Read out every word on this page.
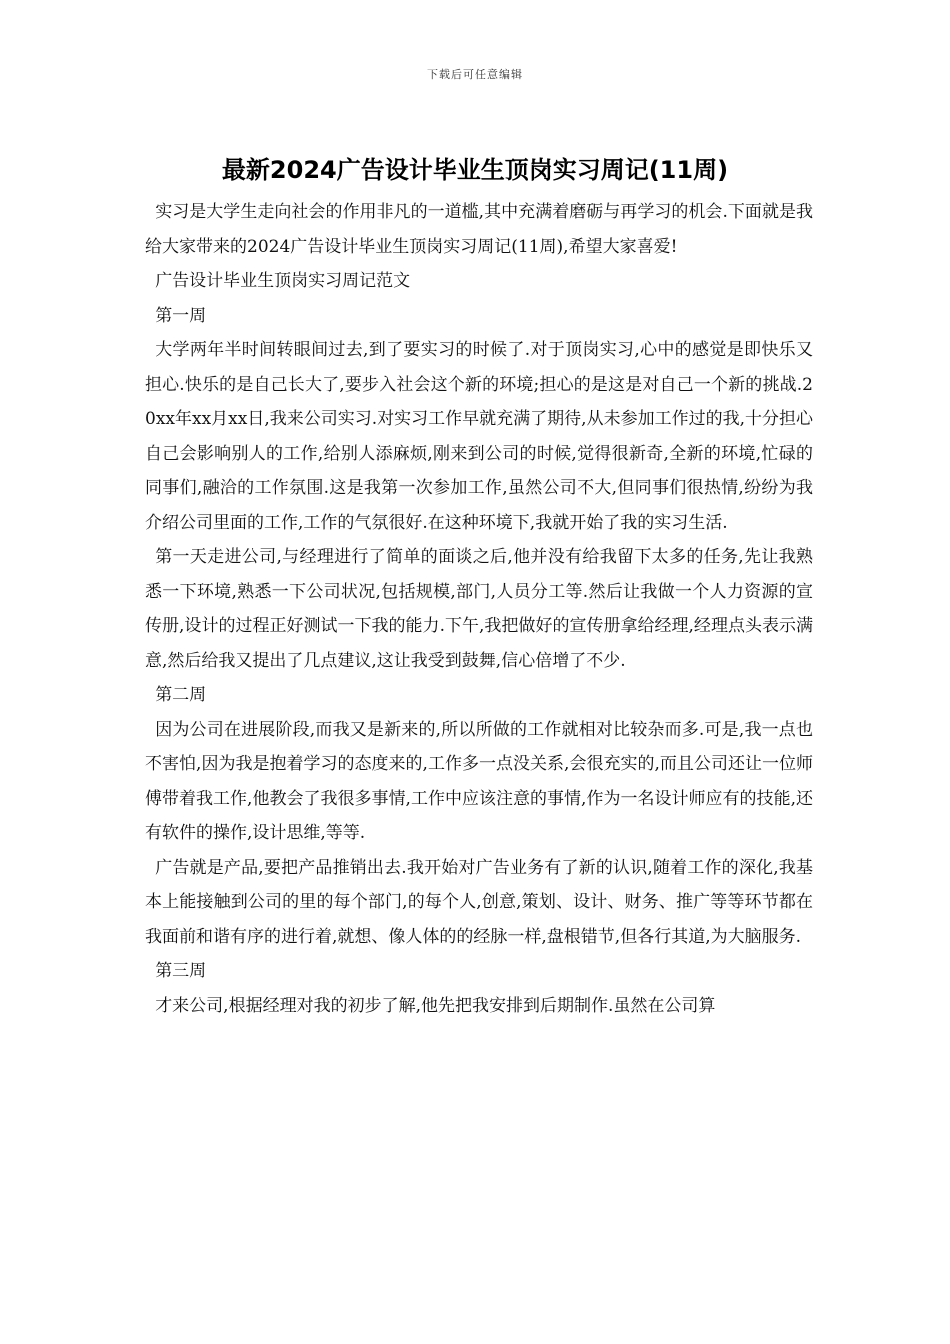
下载后可任意编辑
最新2024广告设计毕业生顶岗实习周记(11周)

实习是大学生走向社会的作用非凡的一道槛,其中充满着磨砺与再学习的机会.下面就是我给大家带来的2024广告设计毕业生顶岗实习周记(11周),希望大家喜爱!

广告设计毕业生顶岗实习周记范文

第一周

大学两年半时间转眼间过去,到了要实习的时候了.对于顶岗实习,心中的感觉是即快乐又担心.快乐的是自己长大了,要步入社会这个新的环境;担心的是这是对自己一个新的挑战.20xx年xx月xx日,我来公司实习.对实习工作早就充满了期待,从未参加工作过的我,十分担心自己会影响别人的工作,给别人添麻烦,刚来到公司的时候,觉得很新奇,全新的环境,忙碌的同事们,融洽的工作氛围.这是我第一次参加工作,虽然公司不大,但同事们很热情,纷纷为我介绍公司里面的工作,工作的气氛很好.在这种环境下,我就开始了我的实习生活.

第一天走进公司,与经理进行了简单的面谈之后,他并没有给我留下太多的任务,先让我熟悉一下环境,熟悉一下公司状况,包括规模,部门,人员分工等.然后让我做一个人力资源的宣传册,设计的过程正好测试一下我的能力.下午,我把做好的宣传册拿给经理,经理点头表示满意,然后给我又提出了几点建议,这让我受到鼓舞,信心倍增了不少.

第二周

因为公司在进展阶段,而我又是新来的,所以所做的工作就相对比较杂而多.可是,我一点也不害怕,因为我是抱着学习的态度来的,工作多一点没关系,会很充实的,而且公司还让一位师傅带着我工作,他教会了我很多事情,工作中应该注意的事情,作为一名设计师应有的技能,还有软件的操作,设计思维,等等.

广告就是产品,要把产品推销出去.我开始对广告业务有了新的认识,随着工作的深化,我基本上能接触到公司的里的每个部门,的每个人,创意,策划、设计、财务、推广等等环节都在我面前和谐有序的进行着,就想、像人体的的经脉一样,盘根错节,但各行其道,为大脑服务.

第三周

才来公司,根据经理对我的初步了解,他先把我安排到后期制作.虽然在公司算
